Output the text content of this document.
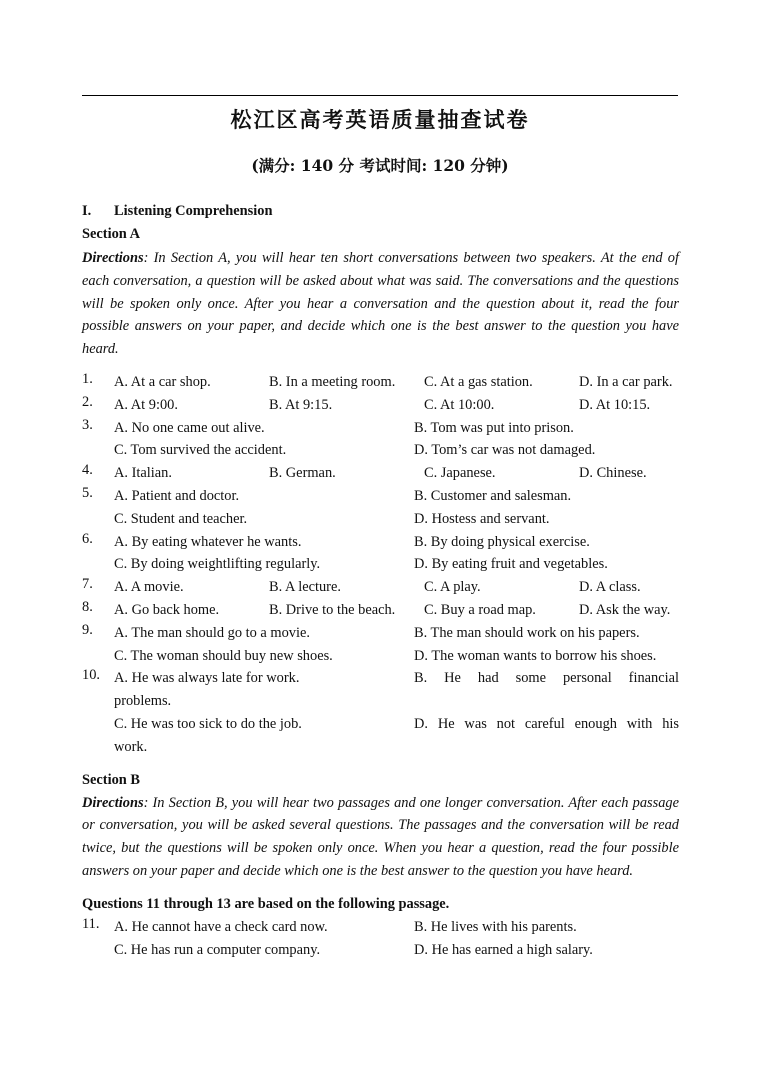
松江区高考英语质量抽查试卷
(满分: 140 分 考试时间: 120 分钟)
I. Listening Comprehension
Section A

Directions: In Section A, you will hear ten short conversations between two speakers. At the end of each conversation, a question will be asked about what was said. The conversations and the questions will be spoken only once. After you hear a conversation and the question about it, read the four possible answers on your paper, and decide which one is the best answer to the question you have heard.

1. A. At a car shop.	B. In a meeting room.	C. At a gas station.	D. In a car park.
2. A. At 9:00.	B. At 9:15.	C. At 10:00.	D. At 10:15.
3. A. No one came out alive.	B. Tom was put into prison.
C. Tom survived the accident.	D. Tom’s car was not damaged.
4. A. Italian.	B. German.	C. Japanese.	D. Chinese.
5. A. Patient and doctor.	B. Customer and salesman.
C. Student and teacher.	D. Hostess and servant.
6. A. By eating whatever he wants.	B. By doing physical exercise.
C. By doing weightlifting regularly.	D. By eating fruit and vegetables.
7. A. A movie.	B. A lecture.	C. A play.	D. A class.
8. A. Go back home.	B. Drive to the beach.	C. Buy a road map.	D. Ask the way.
9. A. The man should go to a movie.	B. The man should work on his papers.
C. The woman should buy new shoes.	D. The woman wants to borrow his shoes.
10. A. He was always late for work.	B. He had some personal financial
problems.
C. He was too sick to do the job.	D. He was not careful enough with his
work.
Section B

Directions: In Section B, you will hear two passages and one longer conversation. After each passage or conversation, you will be asked several questions. The passages and the conversation will be read twice, but the questions will be spoken only once. When you hear a question, read the four possible answers on your paper and decide which one is the best answer to the question you have heard.

Questions 11 through 13 are based on the following passage.
11. A. He cannot have a check card now.	B. He lives with his parents.
C. He has run a computer company.	D. He has earned a high salary.
